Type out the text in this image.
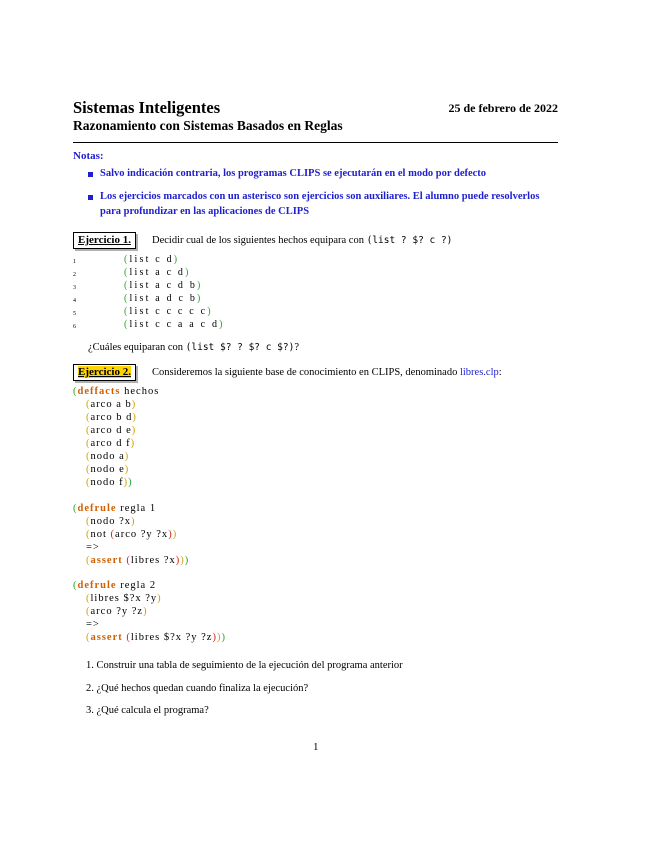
Sistemas Inteligentes	25 de febrero de 2022
Razonamiento con Sistemas Basados en Reglas
Notas:
Salvo indicación contraria, los programas CLIPS se ejecutarán en el modo por defecto
Los ejercicios marcados con un asterisco son ejercicios son auxiliares. El alumno puede resolverlos para profundizar en las aplicaciones de CLIPS
Ejercicio 1.	Decidir cual de los siguientes hechos equipara con (list ? $? c ?)
1	(list c d)
2	(list a c d)
3	(list a c d b)
4	(list a d c b)
5	(list c c c c c)
6	(list c c a a c d)
¿Cuáles equiparan con (list $? ? $? c $?)?
Ejercicio 2.	Consideremos la siguiente base de conocimiento en CLIPS, denominado libres.clp:
(deffacts hechos
(arco a b)
(arco b d)
(arco d e)
(arco d f)
(nodo a)
(nodo e)
(nodo f))
(defrule regla 1
(nodo ?x)
(not (arco ?y ?x))
=>
(assert (libres ?x)))
(defrule regla 2
(libres $?x ?y)
(arco ?y ?z)
=>
(assert (libres $?x ?y ?z)))
1. Construir una tabla de seguimiento de la ejecución del programa anterior
2. ¿Qué hechos quedan cuando finaliza la ejecución?
3. ¿Qué calcula el programa?
1
